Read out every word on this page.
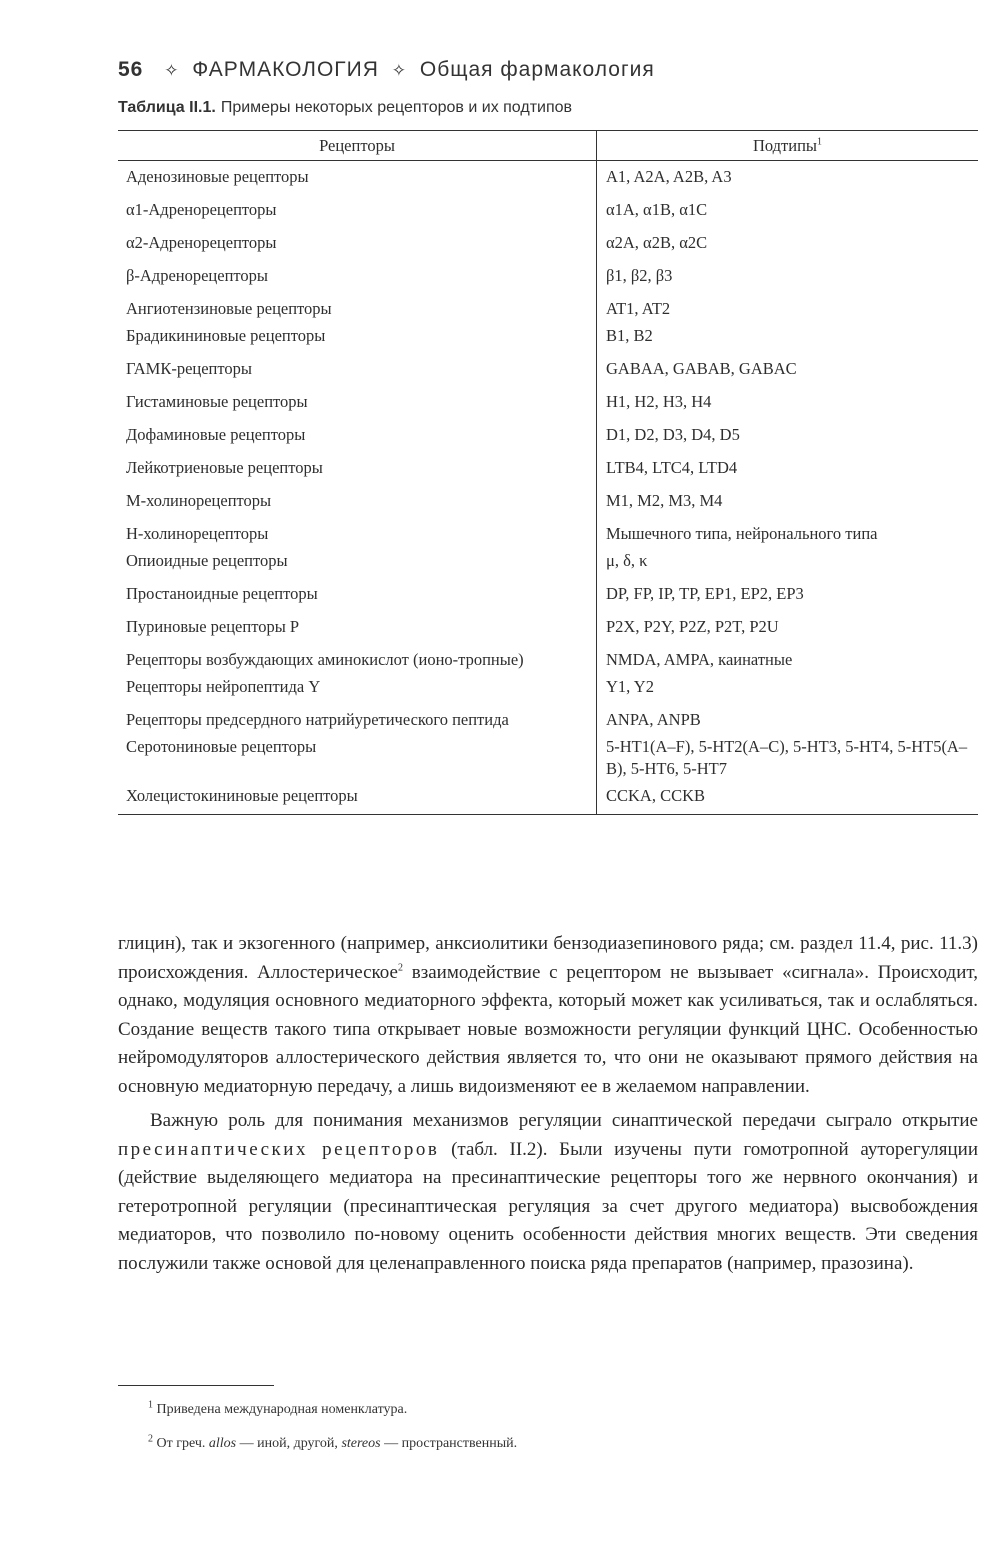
56 ✧ ФАРМАКОЛОГИЯ ✧ Общая фармакология
Таблица II.1. Примеры некоторых рецепторов и их подтипов
Рецепторы	Подтипы$^1$
Аденозиновые рецепторы	A1, A2A, A2B, A3
α1-Адренорецепторы	α1A, α1B, α1C
α2-Адренорецепторы	α2A, α2B, α2C
β-Адренорецепторы	β1, β2, β3
Ангиотензиновые рецепторы	AT1, AT2
Брадикининовые рецепторы	B1, B2
ГАМК-рецепторы	GABAA, GABAB, GABAC
Гистаминовые рецепторы	H1, H2, H3, H4
Дофаминовые рецепторы	D1, D2, D3, D4, D5
Лейкотриеновые рецепторы	LTB4, LTC4, LTD4
М-холинорецепторы	M1, M2, M3, M4
Н-холинорецепторы	Мышечного типа, нейронального типа
Опиоидные рецепторы	μ, δ, κ
Простаноидные рецепторы	DP, FP, IP, TP, EP1, EP2, EP3
Пуриновые рецепторы Р	P2X, P2Y, P2Z, P2T, P2U
Рецепторы возбуждающих аминокислот (ионо-тропные)	NMDA, AMPA, каинатные
Рецепторы нейропептида Y	Y1, Y2
Рецепторы предсердного натрийуретического пептида	ANPA, ANPB
Серотониновые рецепторы	5-HT1(A–F), 5-HT2(A–C), 5-HT3, 5-HT4, 5-HT5(A–B), 5-HT6, 5-HT7
Холецистокининовые рецепторы	CCKA, CCKB

глицин), так и экзогенного (например, анксиолитики бензодиазепинового ряда; см. раздел 11.4, рис. 11.3) происхождения. Аллостерическое$^2$ взаимодействие с рецептором не вызывает «сигнала». Происходит, однако, модуляция основного медиаторного эффекта, который может как усиливаться, так и ослабляться. Создание веществ такого типа открывает новые возможности регуляции функций ЦНС. Особенностью нейромодуляторов аллостерического действия является то, что они не оказывают прямого действия на основную медиаторную передачу, а лишь видоизменяют ее в желаемом направлении.

Важную роль для понимания механизмов регуляции синаптической передачи сыграло открытие пресинаптических рецепторов (табл. II.2). Были изучены пути гомотропной ауторегуляции (действие выделяющего медиатора на пресинаптические рецепторы того же нервного окончания) и гетеротропной регуляции (пресинаптическая регуляция за счет другого медиатора) высвобождения медиаторов, что позволило по-новому оценить особенности действия многих веществ. Эти сведения послужили также основой для целенаправленного поиска ряда препаратов (например, празозина).

$^1$ Приведена международная номенклатура.
$^2$ От греч. allos — иной, другой, stereos — пространственный.
